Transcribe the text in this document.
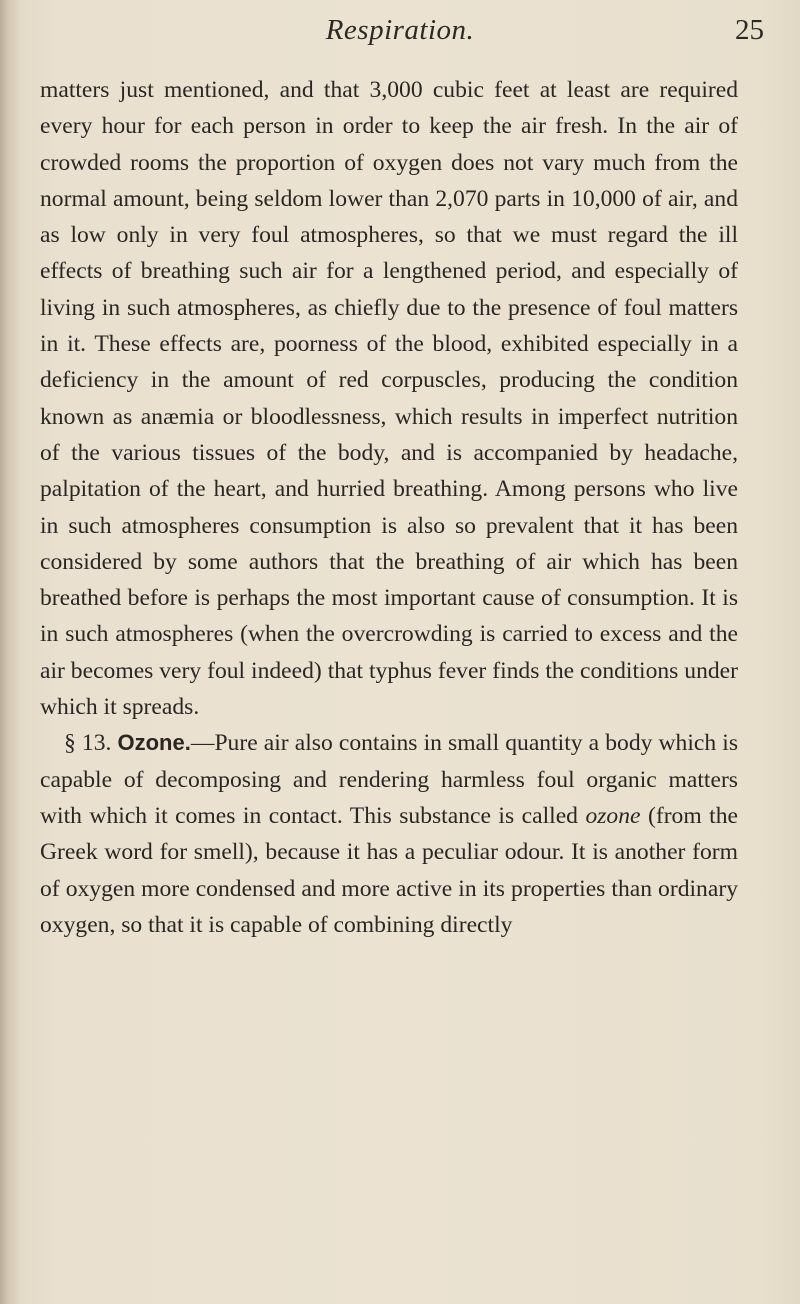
Respiration.	25

matters just mentioned, and that 3,000 cubic feet at least are required every hour for each person in order to keep the air fresh. In the air of crowded rooms the proportion of oxygen does not vary much from the normal amount, being seldom lower than 2,070 parts in 10,000 of air, and as low only in very foul atmospheres, so that we must regard the ill effects of breathing such air for a lengthened period, and especially of living in such atmospheres, as chiefly due to the presence of foul matters in it. These effects are, poorness of the blood, exhibited especially in a deficiency in the amount of red corpuscles, producing the condition known as anæmia or bloodlessness, which results in imperfect nutrition of the various tissues of the body, and is accompanied by headache, palpitation of the heart, and hurried breathing. Among persons who live in such atmospheres consumption is also so prevalent that it has been considered by some authors that the breathing of air which has been breathed before is perhaps the most important cause of consumption. It is in such atmospheres (when the overcrowding is carried to excess and the air becomes very foul indeed) that typhus fever finds the conditions under which it spreads.

§ 13. Ozone.—Pure air also contains in small quantity a body which is capable of decomposing and rendering harmless foul organic matters with which it comes in contact. This substance is called ozone (from the Greek word for smell), because it has a peculiar odour. It is another form of oxygen more condensed and more active in its properties than ordinary oxygen, so that it is capable of combining directly
